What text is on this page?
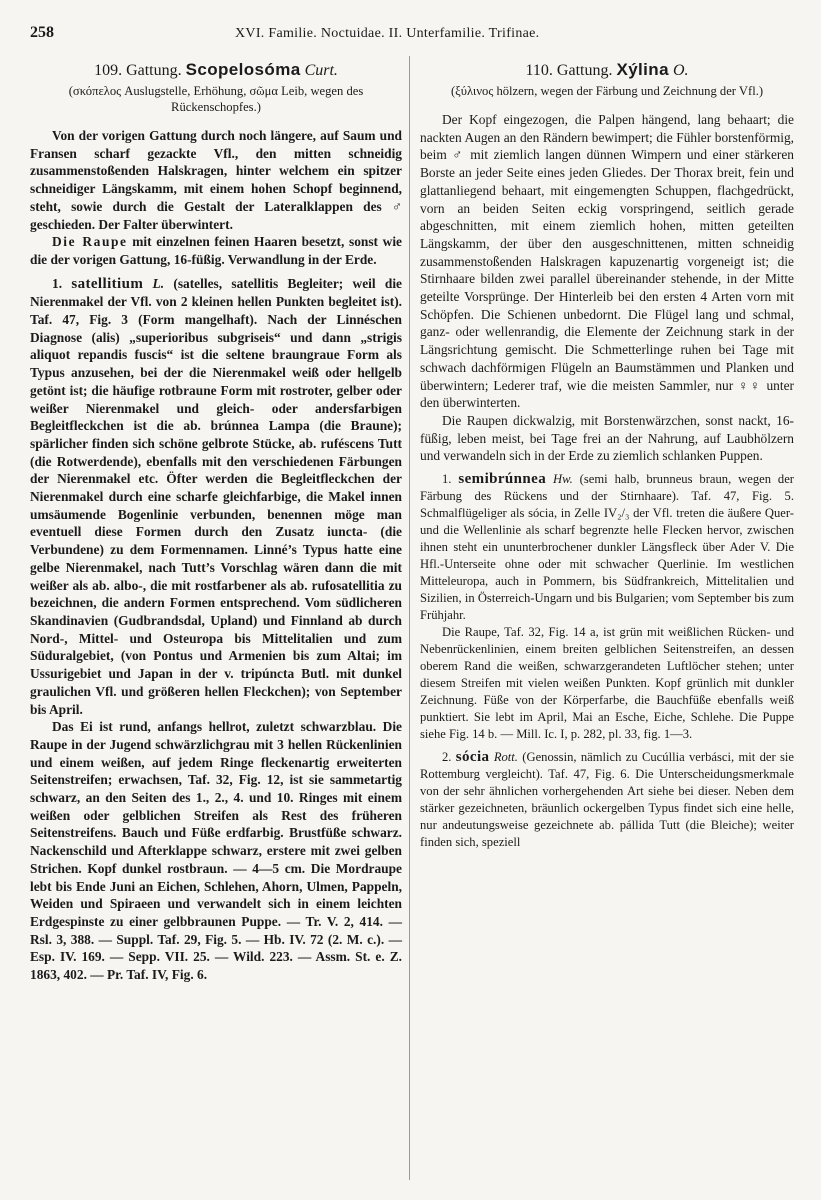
258	XVI. Familie. Noctuidae. II. Unterfamilie. Trifinae.
109. Gattung. Scopelosóma Curt.
(σκόπελος Auslugstelle, Erhöhung, σῶμα Leib, wegen des Rückenschopfes.)

Von der vorigen Gattung durch noch längere, auf Saum und Fransen scharf gezackte Vfl., den mitten schneidig zusammenstoßenden Halskragen, hinter welchem ein spitzer schneidiger Längskamm, mit einem hohen Schopf beginnend, steht, sowie durch die Gestalt der Lateralklappen des ♂ geschieden. Der Falter überwintert.

Die Raupe mit einzelnen feinen Haaren besetzt, sonst wie die der vorigen Gattung, 16-füßig. Verwandlung in der Erde.

1. satellitium L. (satelles, satellitis Begleiter; weil die Nierenmakel der Vfl. von 2 kleinen hellen Punkten begleitet ist). Taf. 47, Fig. 3 (Form mangelhaft). Nach der Linnéschen Diagnose (alis) „superioribus subgriseis“ und dann „strigis aliquot repandis fuscis“ ist die seltene braungraue Form als Typus anzusehen, bei der die Nierenmakel weiß oder hellgelb getönt ist; die häufige rotbraune Form mit rostroter, gelber oder weißer Nierenmakel und gleich- oder andersfarbigen Begleitfleckchen ist die ab. brúnnea Lampa (die Braune); spärlicher finden sich schöne gelbrote Stücke, ab. ruféscens Tutt (die Rotwerdende), ebenfalls mit den verschiedenen Färbungen der Nierenmakel etc. Öfter werden die Begleitfleckchen der Nierenmakel durch eine scharfe gleichfarbige, die Makel innen umsäumende Bogenlinie verbunden, benennen möge man eventuell diese Formen durch den Zusatz iuncta- (die Verbundene) zu dem Formennamen. Linné’s Typus hatte eine gelbe Nierenmakel, nach Tutt’s Vorschlag wären dann die mit weißer als ab. albo-, die mit rostfarbener als ab. rufosatellitia zu bezeichnen, die andern Formen entsprechend. Vom südlicheren Skandinavien (Gudbrandsdal, Upland) und Finnland ab durch Nord-, Mittel- und Osteuropa bis Mittelitalien und zum Süduralgebiet, (von Pontus und Armenien bis zum Altai; im Ussurigebiet und Japan in der v. tripúncta Butl. mit dunkel graulichen Vfl. und größeren hellen Fleckchen); von September bis April.

Das Ei ist rund, anfangs hellrot, zuletzt schwarzblau. Die Raupe in der Jugend schwärzlichgrau mit 3 hellen Rückenlinien und einem weißen, auf jedem Ringe fleckenartig erweiterten Seitenstreifen; erwachsen, Taf. 32, Fig. 12, ist sie sammetartig schwarz, an den Seiten des 1., 2., 4. und 10. Ringes mit einem weißen oder gelblichen Streifen als Rest des früheren Seitenstreifens. Bauch und Füße erdfarbig. Brustfüße schwarz. Nackenschild und Afterklappe schwarz, erstere mit zwei gelben Strichen. Kopf dunkel rostbraun. — 4—5 cm. Die Mordraupe lebt bis Ende Juni an Eichen, Schlehen, Ahorn, Ulmen, Pappeln, Weiden und Spiraeen und verwandelt sich in einem leichten Erdgespinste zu einer gelbbraunen Puppe. — Tr. V. 2, 414. — Rsl. 3, 388. — Suppl. Taf. 29, Fig. 5. — Hb. IV. 72 (2. M. c.). — Esp. IV. 169. — Sepp. VII. 25. — Wild. 223. — Assm. St. e. Z. 1863, 402. — Pr. Taf. IV, Fig. 6.

110. Gattung. Xýlina O.
(ξύλινος hölzern, wegen der Färbung und Zeichnung der Vfl.)

Der Kopf eingezogen, die Palpen hängend, lang behaart; die nackten Augen an den Rändern bewimpert; die Fühler borstenförmig, beim ♂ mit ziemlich langen dünnen Wimpern und einer stärkeren Borste an jeder Seite eines jeden Gliedes. Der Thorax breit, fein und glattanliegend behaart, mit eingemengten Schuppen, flachgedrückt, vorn an beiden Seiten eckig vorspringend, seitlich gerade abgeschnitten, mit einem ziemlich hohen, mitten geteilten Längskamm, der über den ausgeschnittenen, mitten schneidig zusammenstoßenden Halskragen kapuzenartig vorgeneigt ist; die Stirnhaare bilden zwei parallel übereinander stehende, in der Mitte geteilte Vorsprünge. Der Hinterleib bei den ersten 4 Arten vorn mit Schöpfen. Die Schienen unbedornt. Die Flügel lang und schmal, ganz- oder wellenrandig, die Elemente der Zeichnung stark in der Längsrichtung gemischt. Die Schmetterlinge ruhen bei Tage mit schwach dachförmigen Flügeln an Baumstämmen und Planken und überwintern; Lederer traf, wie die meisten Sammler, nur ♀♀ unter den überwinterten.

Die Raupen dickwalzig, mit Borstenwärzchen, sonst nackt, 16-füßig, leben meist, bei Tage frei an der Nahrung, auf Laubhölzern und verwandeln sich in der Erde zu ziemlich schlanken Puppen.

1. semibrúnnea Hw. (semi halb, brunneus braun, wegen der Färbung des Rückens und der Stirnhaare). Taf. 47, Fig. 5. Schmalflügeliger als sócia, in Zelle IV₂/₃ der Vfl. treten die äußere Quer- und die Wellenlinie als scharf begrenzte helle Flecken hervor, zwischen ihnen steht ein ununterbrochener dunkler Längsfleck über Ader V. Die Hfl.-Unterseite ohne oder mit schwacher Querlinie. Im westlichen Mitteleuropa, auch in Pommern, bis Südfrankreich, Mittelitalien und Sizilien, in Österreich-Ungarn und bis Bulgarien; vom September bis zum Frühjahr.

Die Raupe, Taf. 32, Fig. 14 a, ist grün mit weißlichen Rücken- und Nebenrückenlinien, einem breiten gelblichen Seitenstreifen, an dessen oberem Rand die weißen, schwarzgerandeten Luftlöcher stehen; unter diesem Streifen mit vielen weißen Punkten. Kopf grünlich mit dunkler Zeichnung. Füße von der Körperfarbe, die Bauchfüße ebenfalls weiß punktiert. Sie lebt im April, Mai an Esche, Eiche, Schlehe. Die Puppe siehe Fig. 14 b. — Mill. Ic. I, p. 282, pl. 33, fig. 1—3.

2. sócia Rott. (Genossin, nämlich zu Cucúllia verbásci, mit der sie Rottemburg vergleicht). Taf. 47, Fig. 6. Die Unterscheidungsmerkmale von der sehr ähnlichen vorhergehenden Art siehe bei dieser. Neben dem stärker gezeichneten, bräunlich ockergelben Typus findet sich eine helle, nur andeutungsweise gezeichnete ab. pállida Tutt (die Bleiche); weiter finden sich, speziell
